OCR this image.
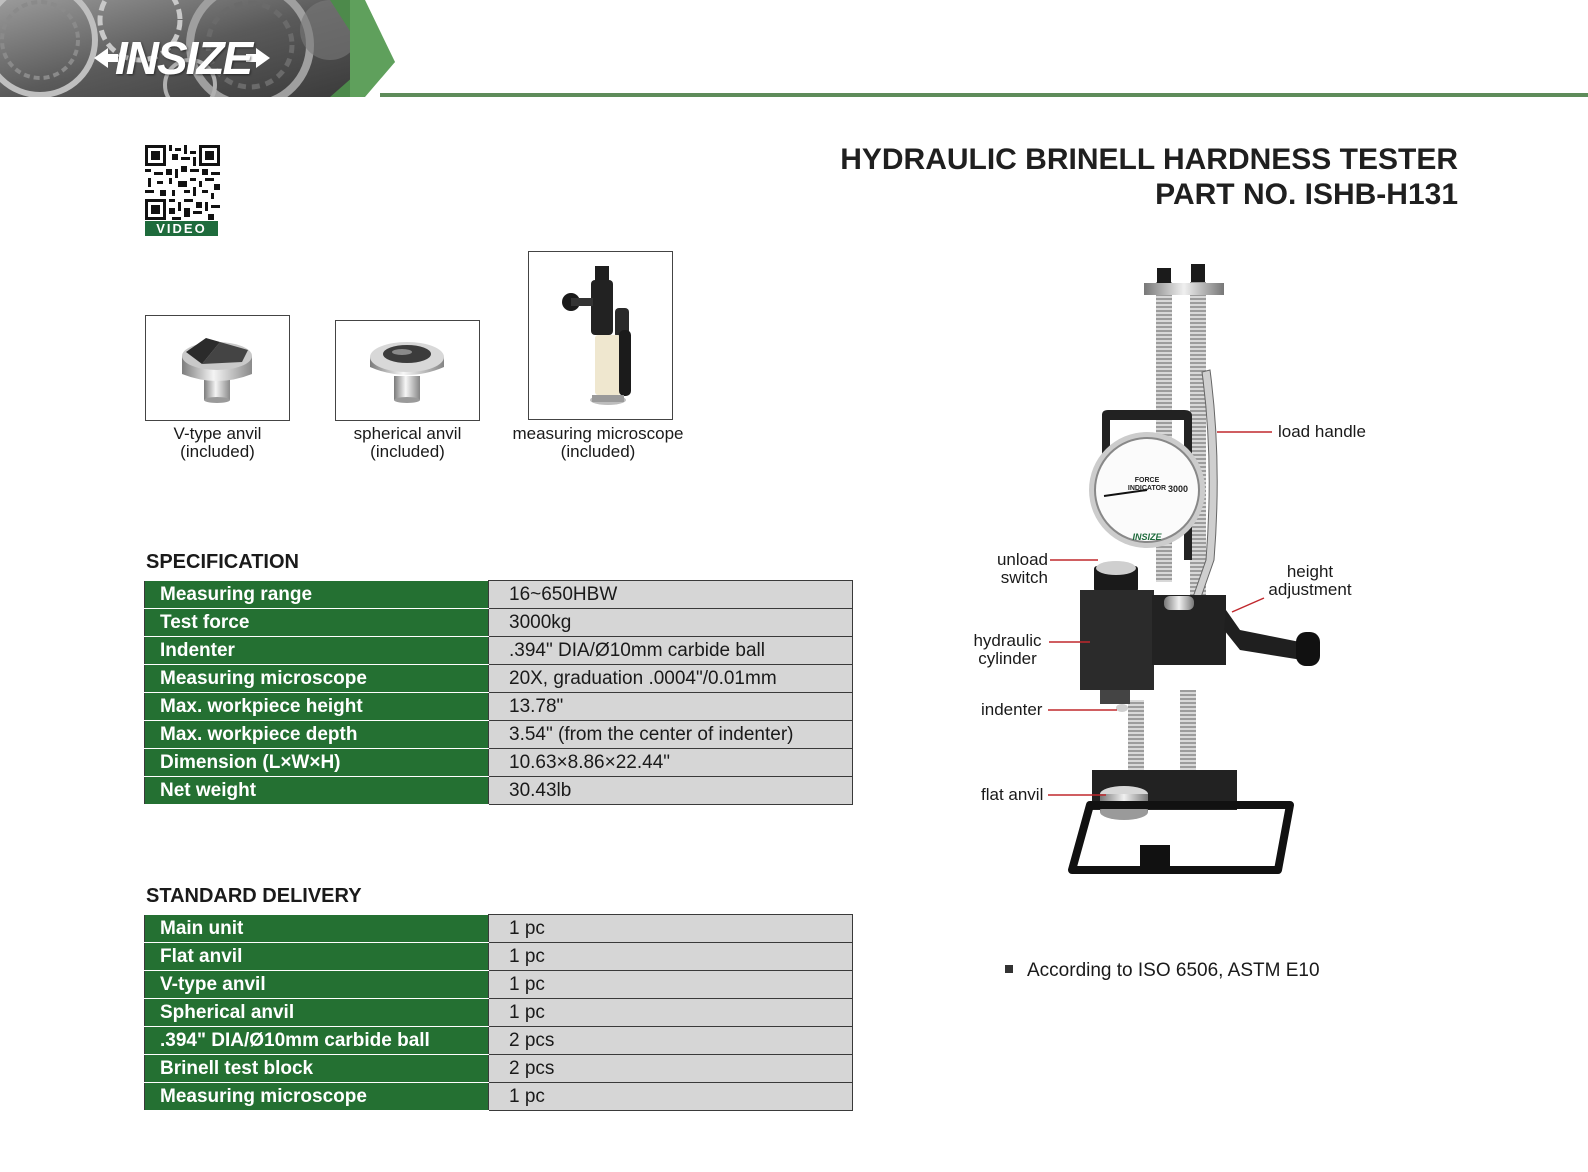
INSIZE
HYDRAULIC BRINELL HARDNESS TESTER
PART NO. ISHB-H131
VIDEO
V-type anvil
(included)
spherical anvil
(included)
measuring microscope
(included)
SPECIFICATION
Measuring range	16~650HBW
Test force	3000kg
Indenter	.394" DIA/Ø10mm carbide ball
Measuring microscope	20X, graduation .0004"/0.01mm
Max. workpiece height	13.78"
Max. workpiece depth	3.54" (from the center of indenter)
Dimension (L×W×H)	10.63×8.86×22.44"
Net weight	30.43lb
STANDARD DELIVERY
Main unit	1 pc
Flat anvil	1 pc
V-type anvil	1 pc
Spherical anvil	1 pc
.394" DIA/Ø10mm carbide ball	2 pcs
Brinell test block	2 pcs
Measuring microscope	1 pc
FORCE
INDICATOR 3000
INSIZE
load handle
unload
switch	height
adjustment
hydraulic
cylinder
indenter
flat anvil
According to ISO 6506, ASTM E10
